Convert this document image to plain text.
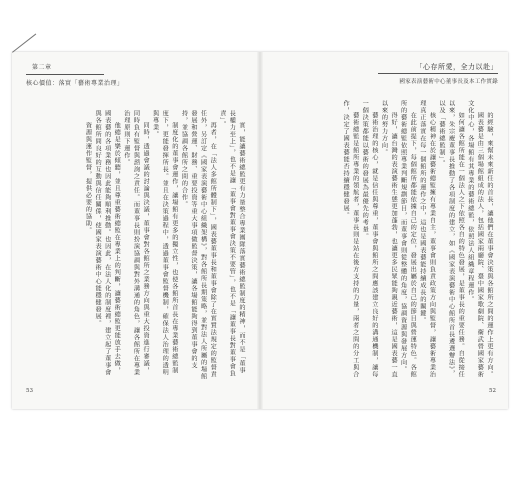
第二章
核心價值：落實「藝術專業治理」

實，能讓藝術總監更有力量整合專業團隊落實藝術總監制度的精神，而不是「董事長權力至上」，也不是讓「董事會對董事會決策不要管」，也不是「讓董事長對董事會負責」。

再者，在「法人多館所體制下」，國表藝董事長和董事會除了在實質法規定的監督責任外，另訂定《國家表演藝術中心組織架構》，對各館所長期策略，並對法人所屬的場館發展和營運、財務、重要投資等重大事項做監督決策，讓各場館能夠得到董事會的支持，並協調各館所之間的合作。

制度化的董事會運作，讓場館有更多的獨立性，也使各館所首長在專業藝術總監制度下，更能發揮所長。並且在決策過程中，透過董事會監督機制，確保法人治理的透明與專業。

同時，透過會議的討論與決議，董事會對各館所之業務方向與重大投資進行審議，同時負有監督與諮詢之責任。而董事長則扮演協調與對外溝通的角色，讓各館所在專業治理原則下運作。

他總是樂於傾聽，並且尊重藝術總監在專業上的判斷，讓藝術總監更能放手去做，國表藝的各項業務也因此能夠順利推動。也因此，在法人化的制度裡，建立起了董事會與各館所間良好的互動與信任關係，使國家表演藝術中心能穩健發展。

資源與運作監督，提供必要的協助。

53
「心存所愛，全力以赴」
國家表演藝術中心董事長及本工作實錄

的經驗，來幫未來新任的首長，讓他們在董事會決策與各館所之間的運作上更有方向。

國表藝是由三個場館組成的法人，包括國家兩廳院、臺中國家歌劇院、衛武營國家藝術文化中心，各場館有其專業的藝術總監，依照法人組織章程運作。

如何讓各館所能在一個法人之下依照各自的特色發展，是董事長的重要任務。自從接任以來，朱宗慶董事長推動了各項制度的建立，如《國家表演藝術中心館所首長遴選辦法》，以及「藝術總監制」。

核心精神在於讓藝術總監擁有專業自主，董事會則負責政策方向與監督，讓藝術專業治理真正落實在每一個館所的運作之中，這也是國表藝能持續成長的關鍵。

在此前提下，每個館所都能依據自己的定位，發展出屬於自己的節目與營運特色。各館所的藝術總監依照專業判斷規劃節目，而董事會則從整體的角度，協調資源與發展方向。

得好，讓台灣的表演藝術生態更加蓬勃，也讓更多民眾能夠親近藝術，這是國表藝一直以來的努力方向。

藝術治理的核心，就是信任與尊重，董事會與館所之間應該建立良好的溝通機制，讓每一個決策都能以藝術的發展為最優先的考量。

藝術總監是館所專業的領航者，董事長則是站在後方支持的力量，兩者之間的分工與合作，決定了國表藝能否持續穩健發展。

52
